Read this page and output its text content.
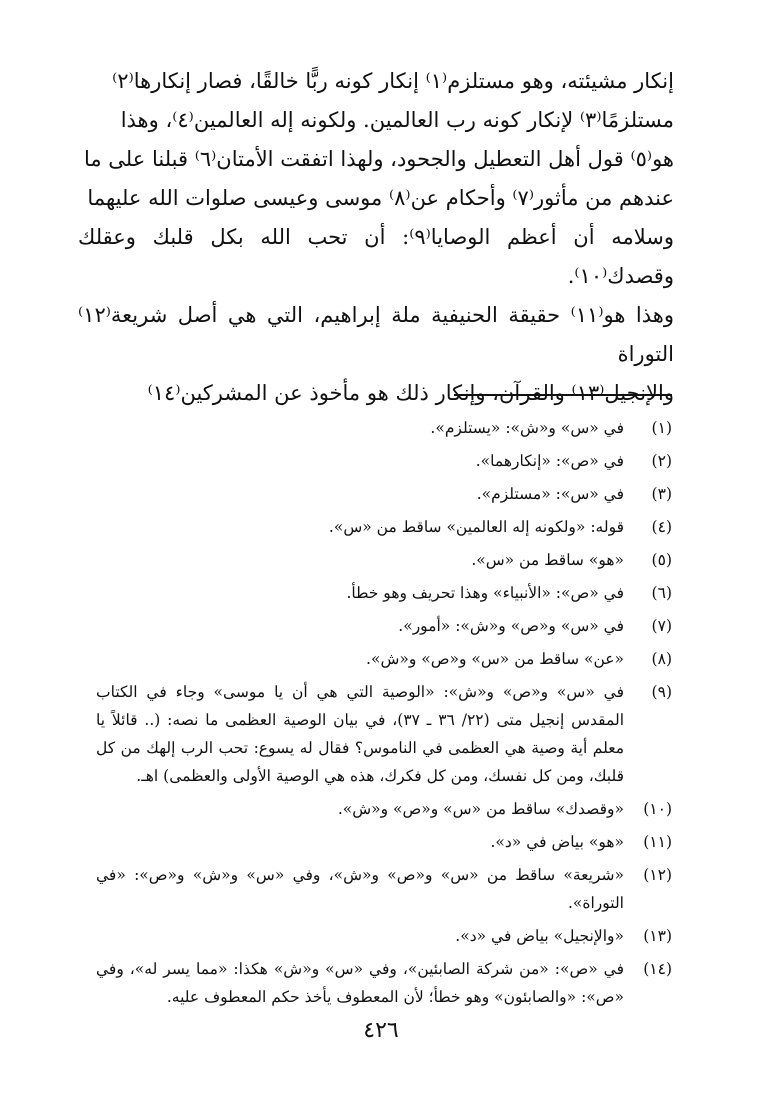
إنكار مشيئته، وهو مستلزم⁽١⁾ إنكار كونه ربًّا خالقًا، فصار إنكارها⁽٢⁾

مستلزمًا⁽٣⁾ لإنكار كونه رب العالمين. ولكونه إله العالمين⁽٤⁾، وهذا

هو⁽٥⁾ قول أهل التعطيل والجحود، ولهذا اتفقت الأمتان⁽٦⁾ قبلنا على ما

عندهم من مأثور⁽٧⁾ وأحكام عن⁽٨⁾ موسى وعيسى صلوات الله عليهما

وسلامه أن أعظم الوصايا⁽٩⁾: أن تحب الله بكل قلبك وعقلك وقصدك⁽١٠⁾.

وهذا هو⁽١١⁾ حقيقة الحنيفية ملة إبراهيم، التي هي أصل شريعة⁽١٢⁾ التوراة

والإنجيل⁽١٣⁾ والقرآن، وإنكار ذلك هو مأخوذ عن المشركين⁽١٤⁾

(١)
في «س» و«ش»: «يستلزم».
(٢)
في «ص»: «إنكارهما».
(٣)
في «س»: «مستلزم».
(٤)
قوله: «ولكونه إله العالمين» ساقط من «س».
(٥)
«هو» ساقط من «س».
(٦)
في «ص»: «الأنبياء» وهذا تحريف وهو خطأ.
(٧)
في «س» و«ص» و«ش»: «أمور».
(٨)
«عن» ساقط من «س» و«ص» و«ش».
(٩)
في «س» و«ص» و«ش»: «الوصية التي هي أن يا موسى» وجاء في الكتاب المقدس إنجيل متى (٢٢/ ٣٦ ـ ٣٧)، في بيان الوصية العظمى ما نصه: (.. قائلاً يا معلم أية وصية هي العظمى في الناموس؟ فقال له يسوع: تحب الرب إلهك من كل قلبك، ومن كل نفسك، ومن كل فكرك، هذه هي الوصية الأولى والعظمى) اهـ.
(١٠)
«وقصدك» ساقط من «س» و«ص» و«ش».
(١١)
«هو» بياض في «د».
(١٢)
«شريعة» ساقط من «س» و«ص» و«ش»، وفي «س» و«ش» و«ص»: «في التوراة».
(١٣)
«والإنجيل» بياض في «د».
(١٤)
في «ص»: «من شركة الصابئين»، وفي «س» و«ش» هكذا: «مما يسر له»، وفي «ص»: «والصابئون» وهو خطأ؛ لأن المعطوف يأخذ حكم المعطوف عليه.
٤٢٦
